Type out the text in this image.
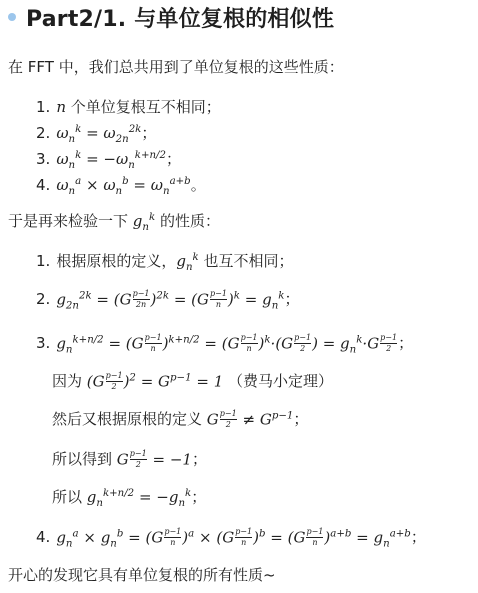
Part2/1. 与单位复根的相似性
在 FFT 中，我们总共用到了单位复根的这些性质：
1. n
个单位复根互不相同；
2. $\omega_n^k = \omega_{2n}^{2k}$ ；
3. $\omega_n^k = -\omega_n^{k+n/2}$ ；
4. $\omega_n^a \times \omega_n^b = \omega_n^{a+b}$ 。
于是再来检验一下 $g_n^k$ 的性质：
1. 根据原根的定义， $g_n^k$
也互不相同；
2. $g_{2n}^{2k} = (G \frac{p-1}{2n} )^{2k} = (G \frac{p-1}{n} )^k = g_n^k$ ；
3. $g_n^{k+n/2} = (G \frac{p-1}{n} )^{k+n/2} = (G \frac{p-1}{n} )^k\cdot(G \frac{p-1}{2}$ ) = $g_n^k\cdot G \frac{p-1}{2}$ ；
因为
$(G \frac{p-1}{2} )^2 = G^{p-1} = 1$
（费马小定理）
然后又根据原根的定义
G $\frac{p-1}{2} \ne G^{p-1}$ ；
所以得到
G $\frac{p-1}{2} = -1$ ；
所以
$g_n^{k+n/2} = -g_n^k$ ；
4. $g_n^a \times g_n^b = (G \frac{p-1}{n} )^a \times (G \frac{p-1}{n} )^b = (G \frac{p-1}{n} )^{a+b} = g_n^{a+b}$ ；
开心的发现它具有单位复根的所有性质~
